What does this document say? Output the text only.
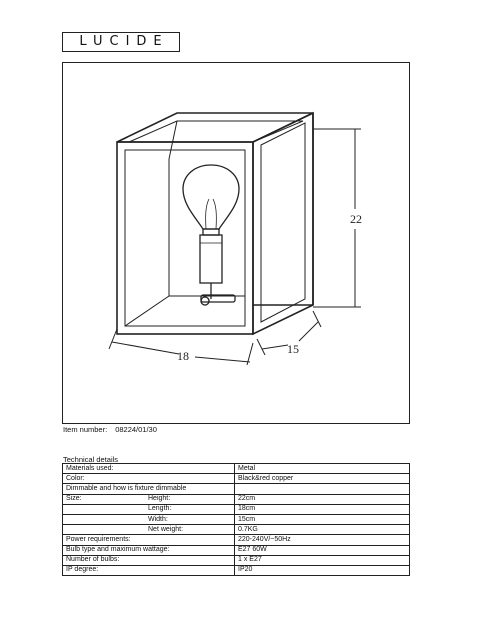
LUCIDE
22
18	15
Item number: 08224/01/30
Technical details
Materials used:	Metal
Color:	Black&red copper
Dimmable and how is fixture dimmable	
Size: Height:	22cm
Length:	18cm
Width:	15cm
Net weight:	0.7KG
Power requirements:	220-240V/~50Hz
Bulb type and maximum wattage:	E27 60W
Number of bulbs:	1 x E27
IP degree:	IP20
